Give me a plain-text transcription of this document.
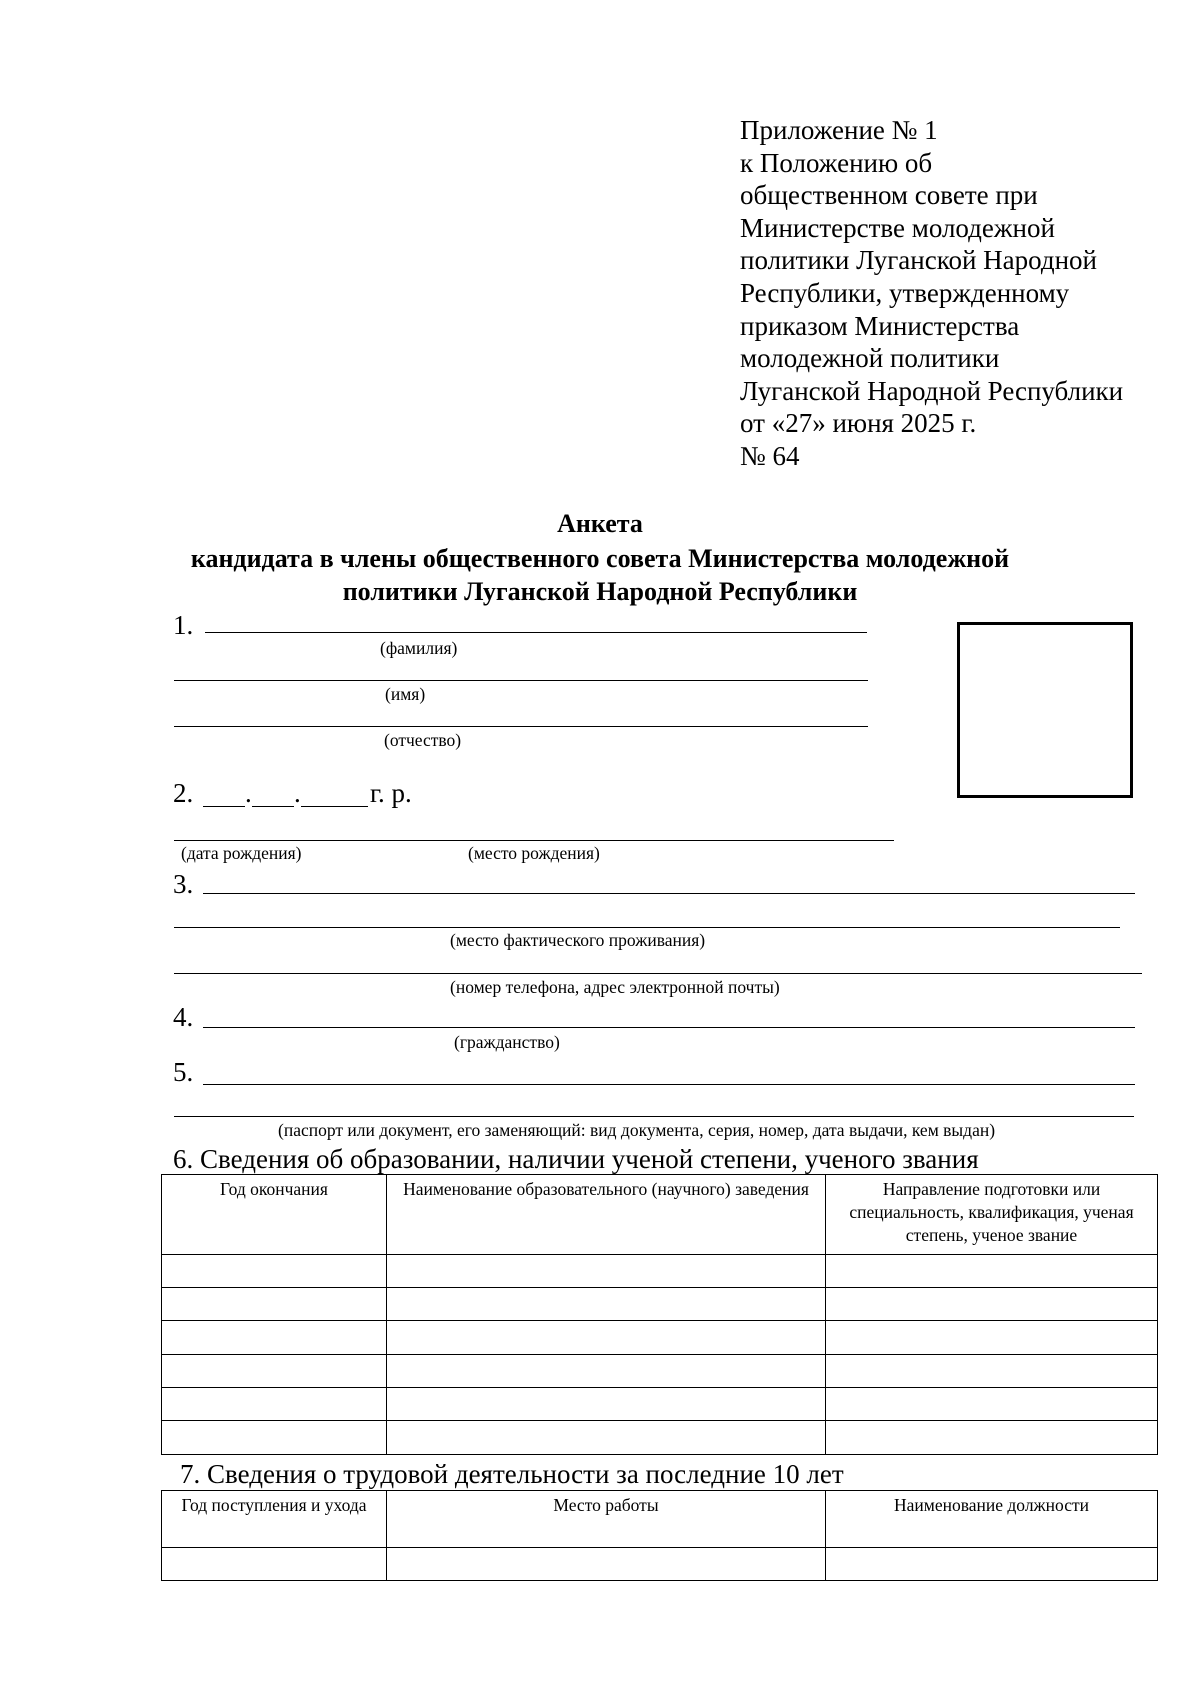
Приложение № 1
к Положению об
общественном совете при
Министерстве молодежной
политики Луганской Народной
Республики, утвержденному
приказом Министерства
молодежной политики
Луганской Народной Республики
от «27» июня 2025 г.
№ 64
Анкета
кандидата в члены общественного совета Министерства молодежной
политики Луганской Народной Республики
1.
(фамилия)
(имя)
(отчество)
2. . .	г. р.
(дата рождения)	(место рождения)
3.
(место фактического проживания)
(номер телефона, адрес электронной почты)
4.
(гражданство)
5.
(паспорт или документ, его заменяющий: вид документа, серия, номер, дата выдачи, кем выдан)
6. Сведения об образовании, наличии ученой степени, ученого звания
Год окончания	Наименование образовательного (научного) заведения	Направление подготовки или специальность, квалификация, ученая степень, ученое звание

7. Сведения о трудовой деятельности за последние 10 лет
Год поступления и ухода	Место работы	Наименование должности
